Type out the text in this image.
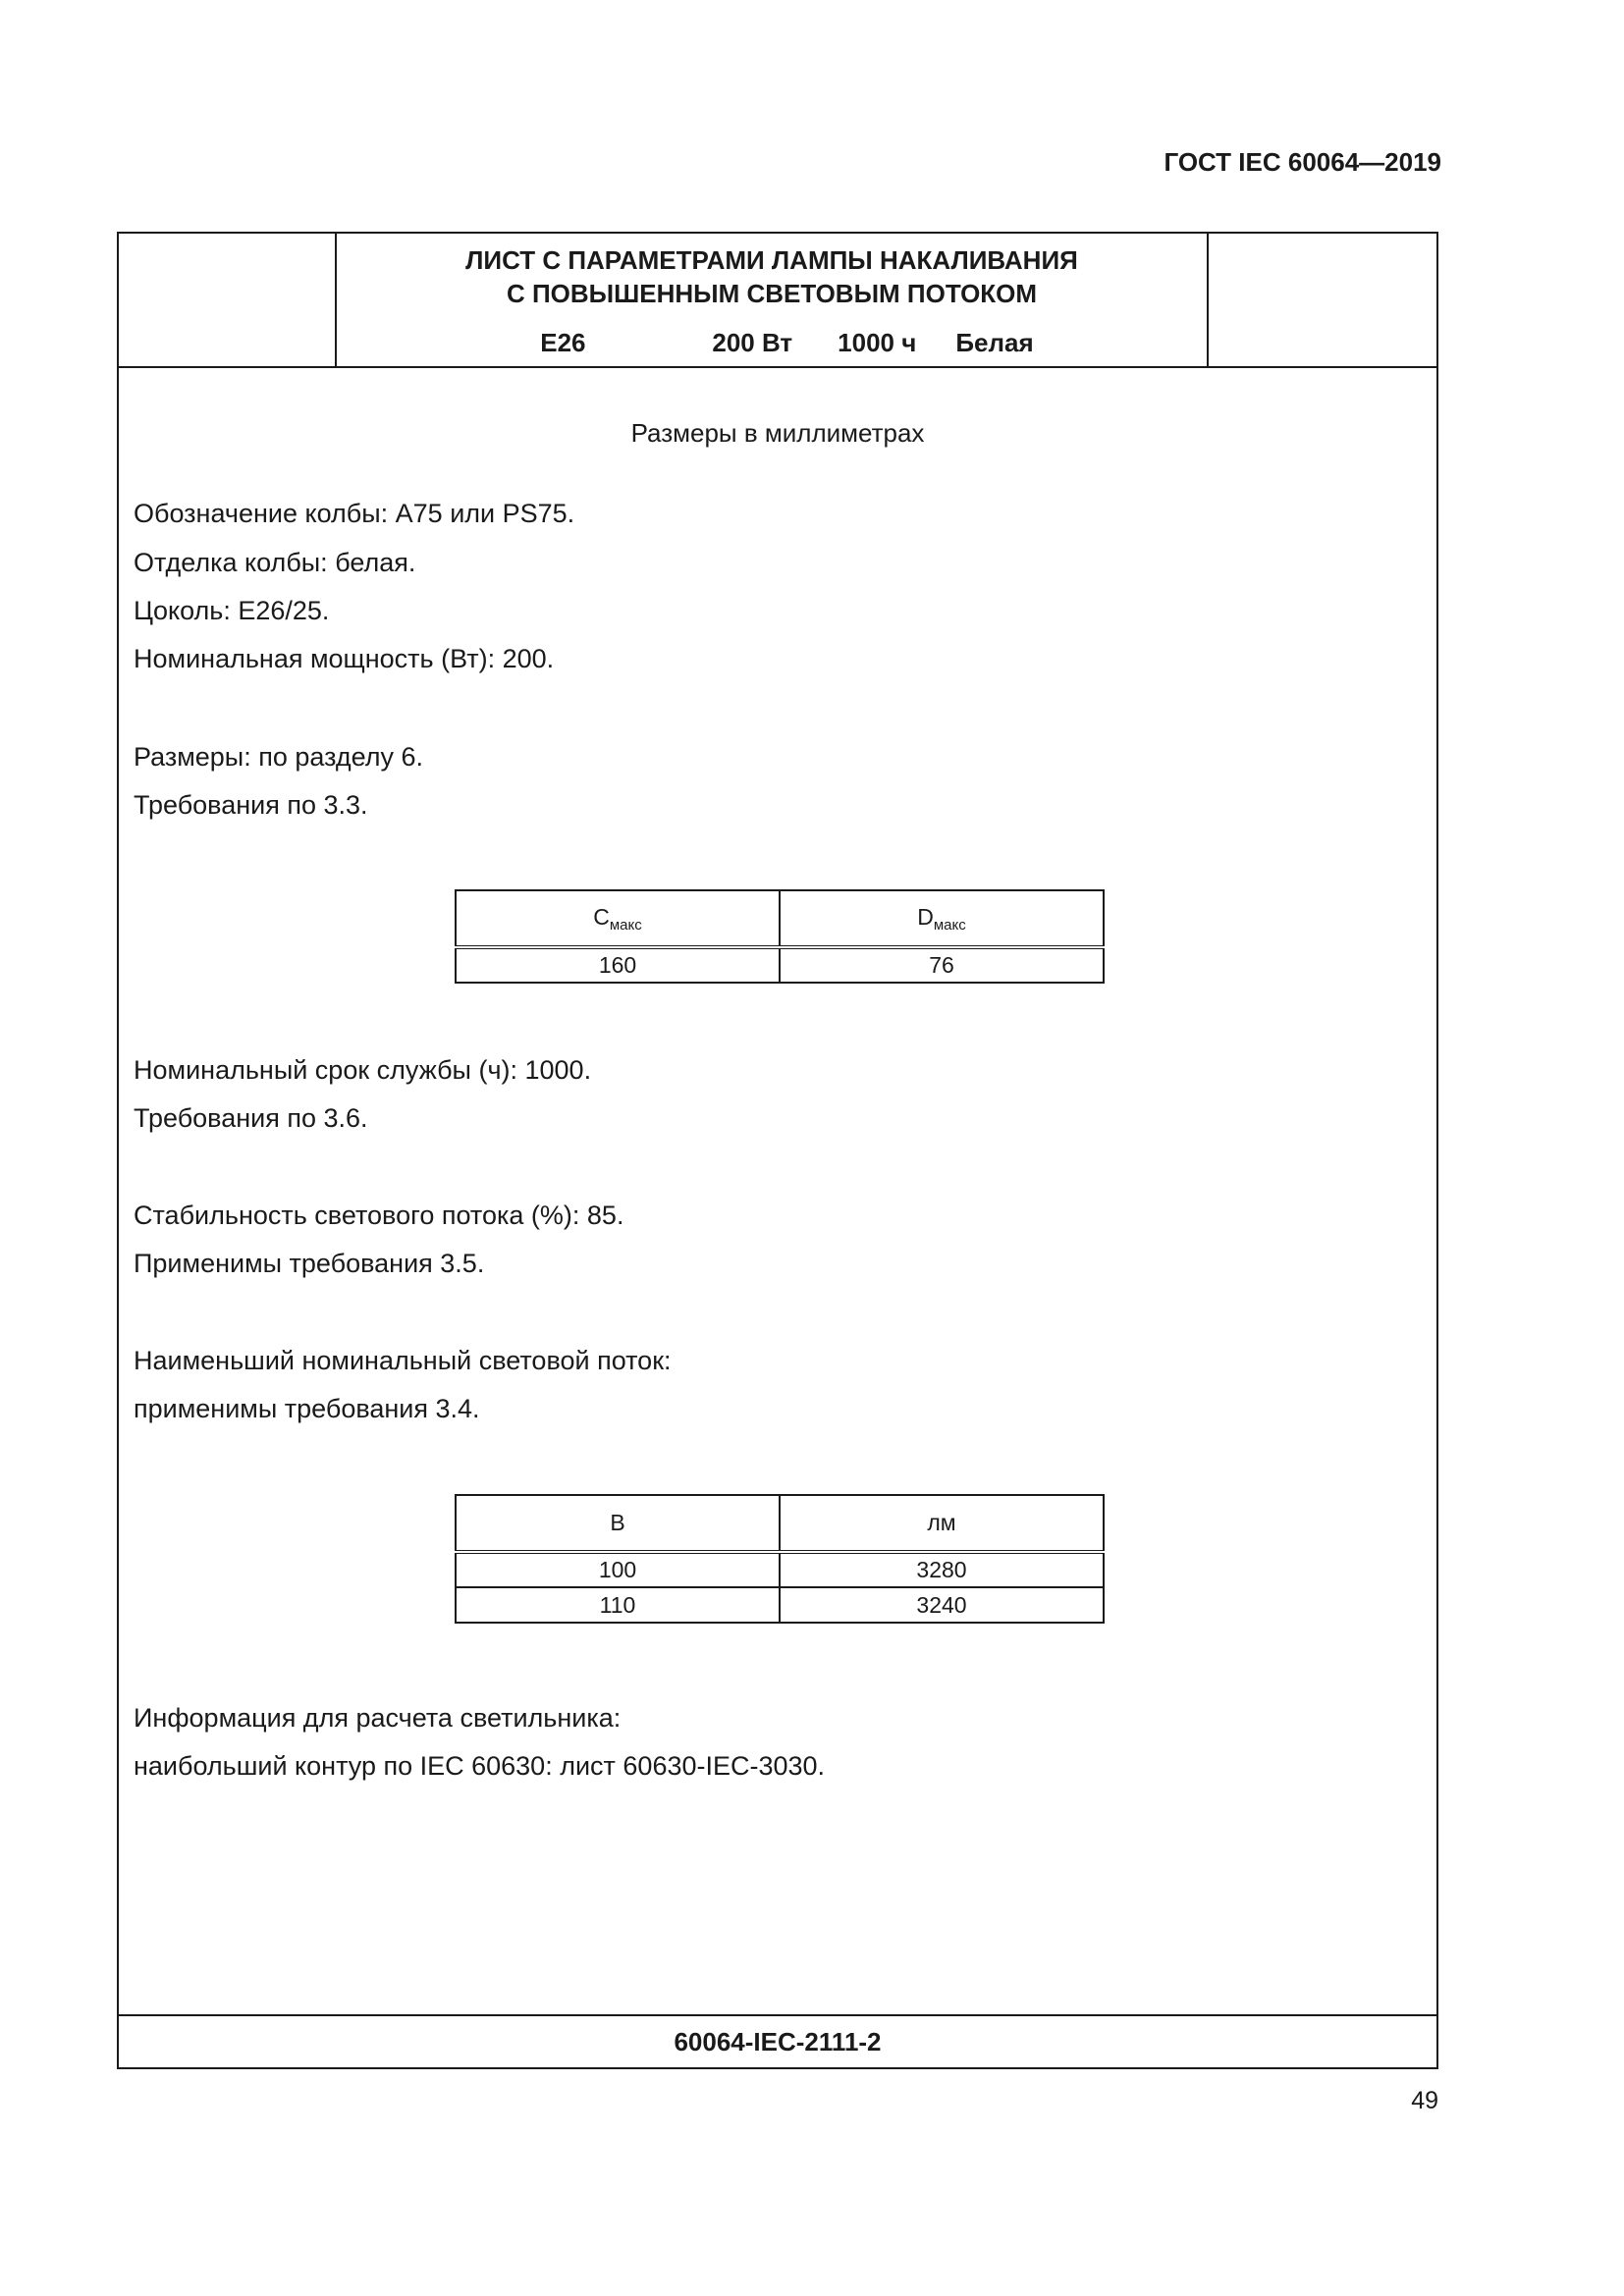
ГОСТ IEC 60064—2019
ЛИСТ С ПАРАМЕТРАМИ ЛАМПЫ НАКАЛИВАНИЯ
С ПОВЫШЕННЫМ СВЕТОВЫМ ПОТОКОМ
E26	200 Вт 1000 ч Белая
Размеры в миллиметрах
Обозначение колбы: A75 или PS75.
Отделка колбы: белая.
Цоколь: E26/25.
Номинальная мощность (Вт): 200.
Размеры: по разделу 6.
Требования по 3.3.
$C_{макс}$	$D_{макс}$
160	76
Номинальный срок службы (ч): 1000.
Требования по 3.6.
Стабильность светового потока (%): 85.
Применимы требования 3.5.
Наименьший номинальный световой поток:
применимы требования 3.4.
В	лм
100	3280
110	3240
Информация для расчета светильника:
наибольший контур по IEC 60630: лист 60630-IEC-3030.
60064-IEC-2111-2
49
